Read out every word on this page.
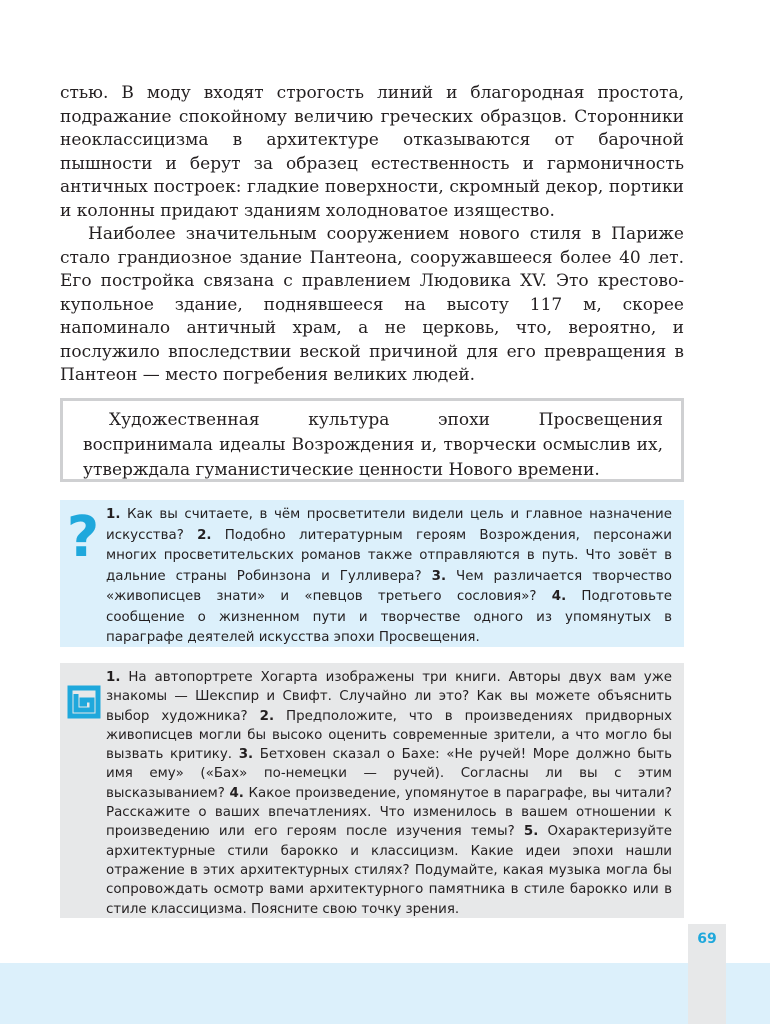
стью. В моду входят строгость линий и благородная простота, подражание спокойному величию греческих образцов. Сторонники неоклассицизма в архитектуре отказываются от барочной пышности и берут за образец естественность и гармоничность античных построек: гладкие поверхности, скромный декор, портики и колонны придают зданиям холодноватое изящество.

Наиболее значительным сооружением нового стиля в Париже стало грандиозное здание Пантеона, сооружавшееся более 40 лет. Его постройка связана с правлением Людовика XV. Это крестово-купольное здание, поднявшееся на высоту 117 м, скорее напоминало античный храм, а не церковь, что, вероятно, и послужило впоследствии веской причиной для его превращения в Пантеон — место погребения великих людей.

Художественная культура эпохи Просвещения воспринимала идеалы Возрождения и, творчески осмыслив их, утверждала гуманистические ценности Нового времени.

? 1. Как вы считаете, в чём просветители видели цель и главное назначение искусства? 2. Подобно литературным героям Возрождения, персонажи многих просветительских романов также отправляются в путь. Что зовёт в дальние страны Робинзона и Гулливера? 3. Чем различается творчество «живописцев знати» и «певцов третьего сословия»? 4. Подготовьте сообщение о жизненном пути и творчестве одного из упомянутых в параграфе деятелей искусства эпохи Просвещения.

1. На автопортрете Хогарта изображены три книги. Авторы двух вам уже знакомы — Шекспир и Свифт. Случайно ли это? Как вы можете объяснить выбор художника? 2. Предположите, что в произведениях придворных живописцев могли бы высоко оценить современные зрители, а что могло бы вызвать критику. 3. Бетховен сказал о Бахе: «Не ручей! Море должно быть имя ему» («Бах» по-немецки — ручей). Согласны ли вы с этим высказыванием? 4. Какое произведение, упомянутое в параграфе, вы читали? Расскажите о ваших впечатлениях. Что изменилось в вашем отношении к произведению или его героям после изучения темы? 5. Охарактеризуйте архитектурные стили барокко и классицизм. Какие идеи эпохи нашли отражение в этих архитектурных стилях? Подумайте, какая музыка могла бы сопровождать осмотр вами архитектурного памятника в стиле барокко или в стиле классицизма. Поясните свою точку зрения.

69
